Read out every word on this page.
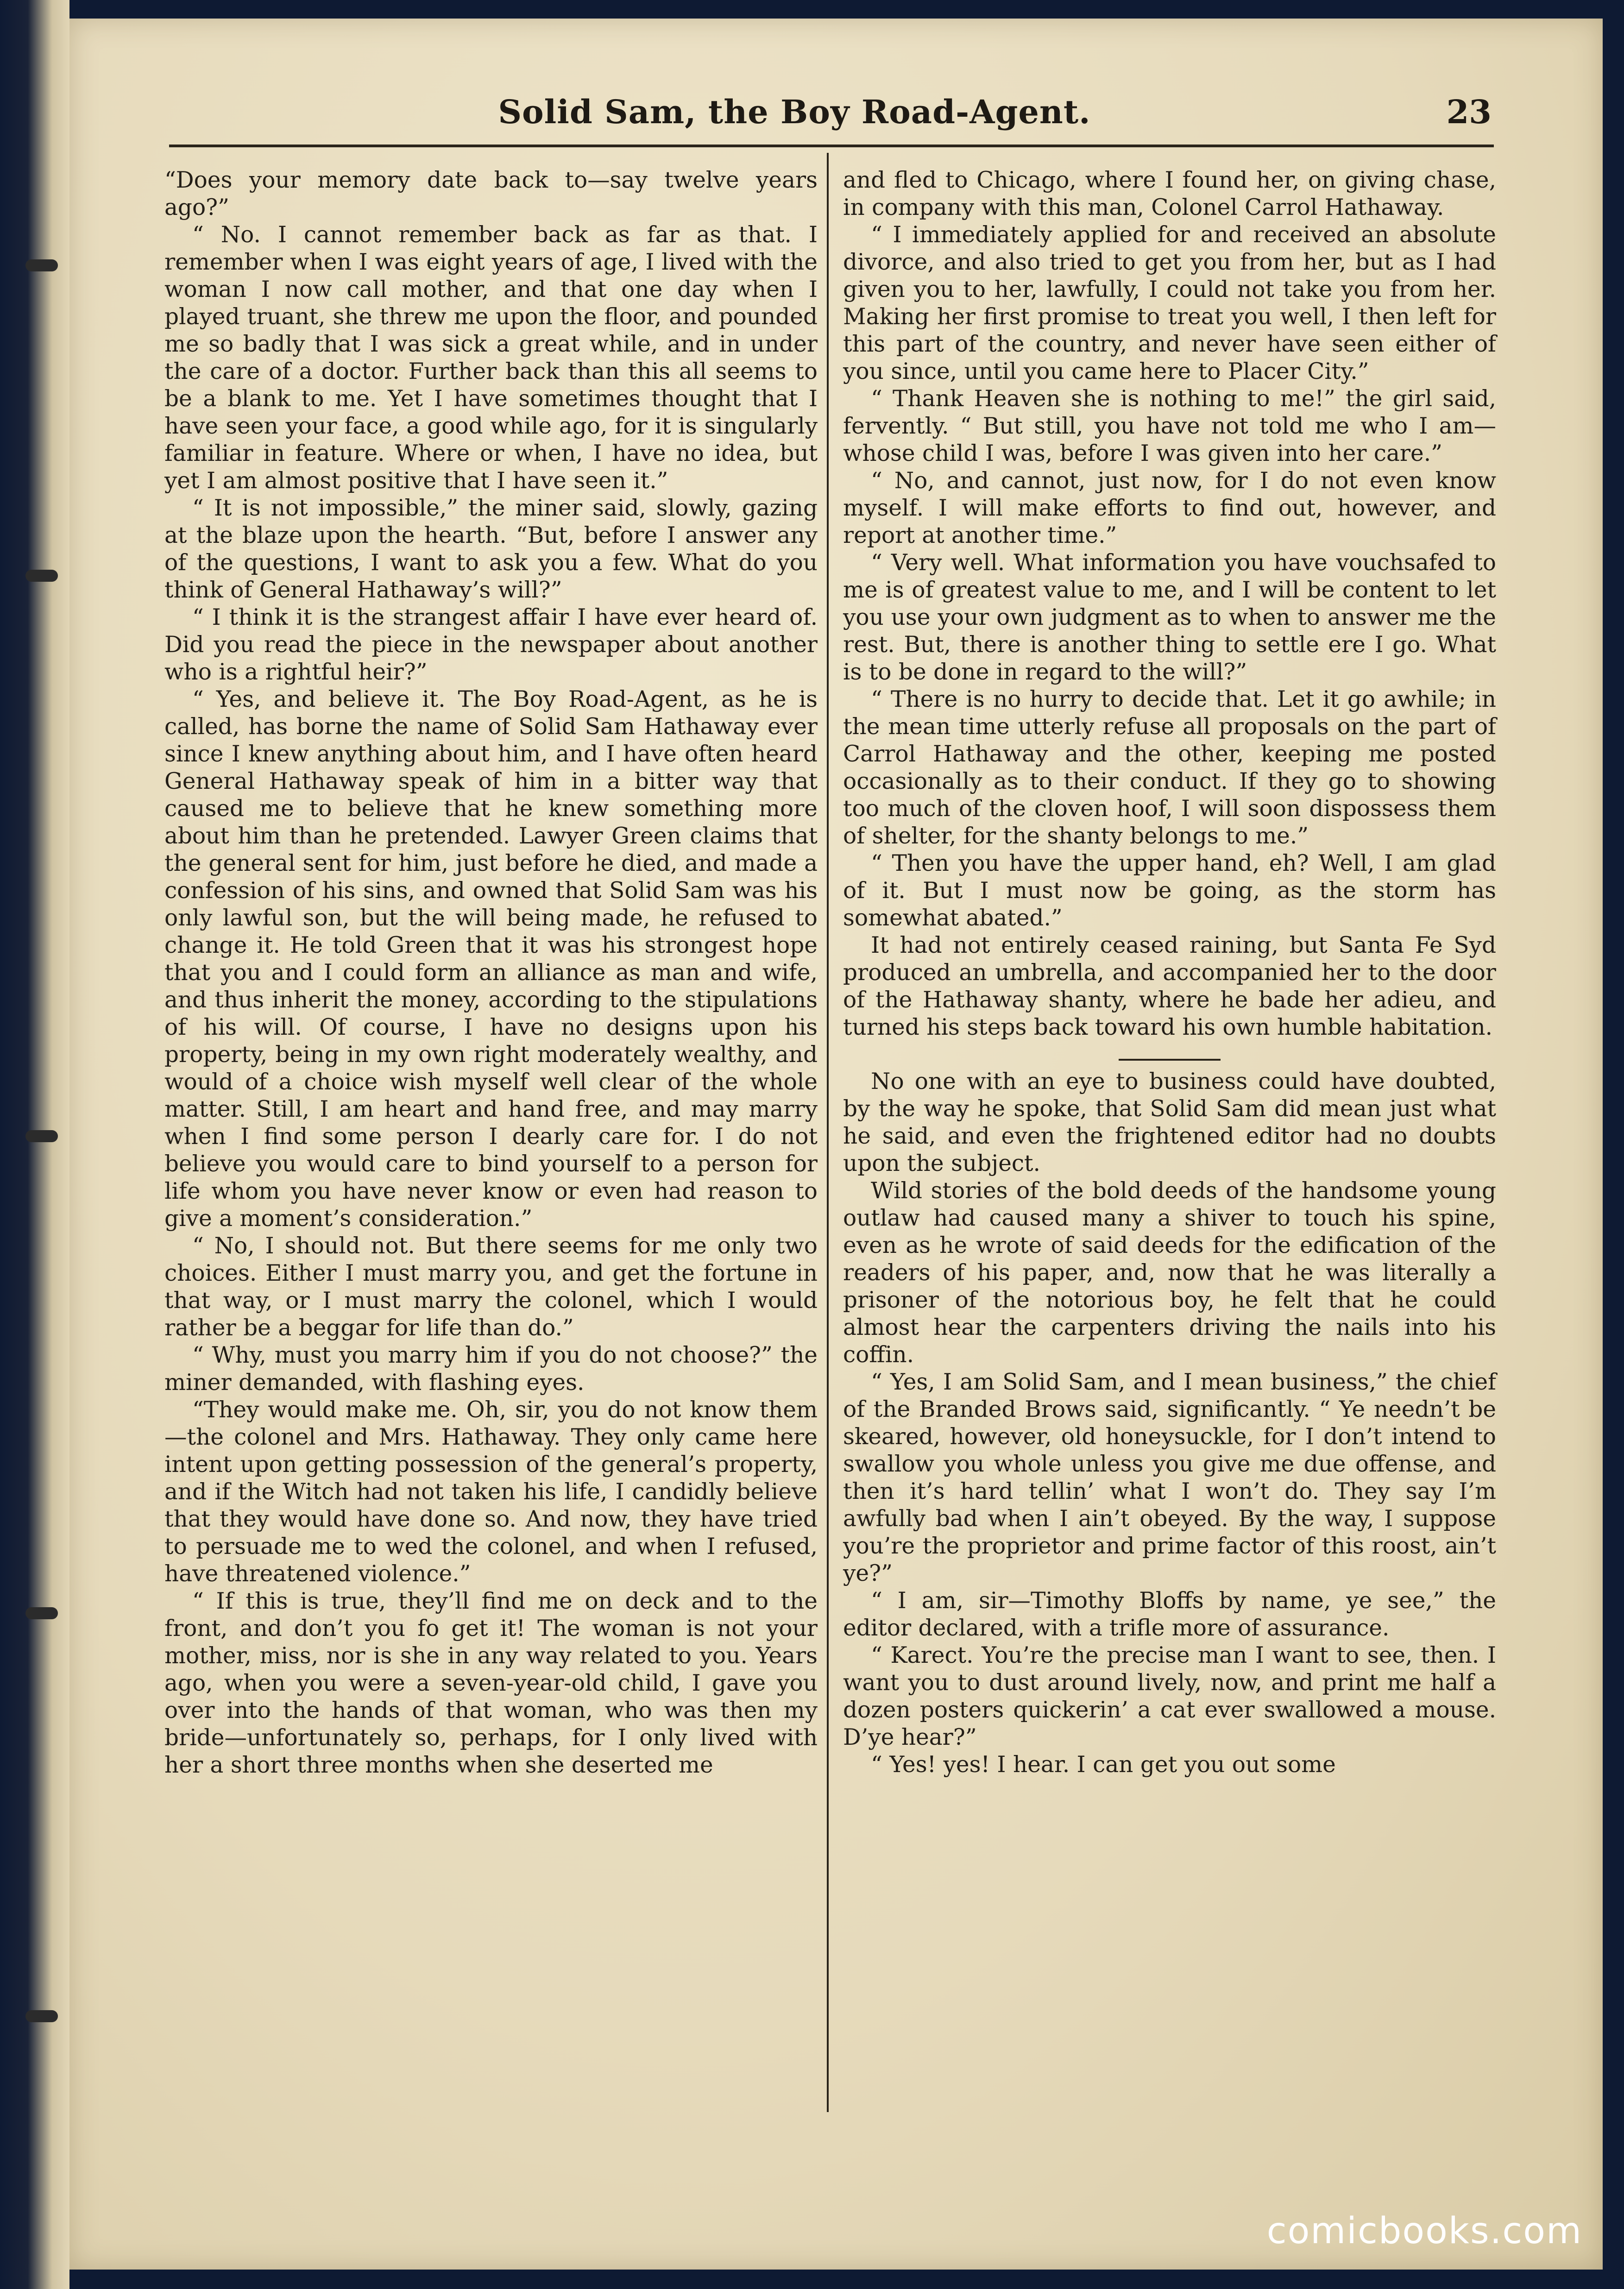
Solid Sam, the Boy Road-Agent.	23

“Does your memory date back to—say twelve years ago?”

“ No. I cannot remember back as far as that. I remember when I was eight years of age, I lived with the woman I now call mother, and that one day when I played truant, she threw me upon the floor, and pounded me so badly that I was sick a great while, and in under the care of a doctor. Further back than this all seems to be a blank to me. Yet I have sometimes thought that I have seen your face, a good while ago, for it is singularly familiar in feature. Where or when, I have no idea, but yet I am almost positive that I have seen it.”

“ It is not impossible,” the miner said, slowly, gazing at the blaze upon the hearth. “But, before I answer any of the questions, I want to ask you a few. What do you think of General Hathaway’s will?”

“ I think it is the strangest affair I have ever heard of. Did you read the piece in the newspaper about another who is a rightful heir?”

“ Yes, and believe it. The Boy Road-Agent, as he is called, has borne the name of Solid Sam Hathaway ever since I knew anything about him, and I have often heard General Hathaway speak of him in a bitter way that caused me to believe that he knew something more about him than he pretended. Lawyer Green claims that the general sent for him, just before he died, and made a confession of his sins, and owned that Solid Sam was his only lawful son, but the will being made, he refused to change it. He told Green that it was his strongest hope that you and I could form an alliance as man and wife, and thus inherit the money, according to the stipulations of his will. Of course, I have no designs upon his property, being in my own right moderately wealthy, and would of a choice wish myself well clear of the whole matter. Still, I am heart and hand free, and may marry when I find some person I dearly care for. I do not believe you would care to bind yourself to a person for life whom you have never know or even had reason to give a moment’s consideration.”

“ No, I should not. But there seems for me only two choices. Either I must marry you, and get the fortune in that way, or I must marry the colonel, which I would rather be a beggar for life than do.”

“ Why, must you marry him if you do not choose?” the miner demanded, with flashing eyes.

“They would make me. Oh, sir, you do not know them—the colonel and Mrs. Hathaway. They only came here intent upon getting possession of the general’s property, and if the Witch had not taken his life, I candidly believe that they would have done so. And now, they have tried to persuade me to wed the colonel, and when I refused, have threatened violence.”

“ If this is true, they’ll find me on deck and to the front, and don’t you fo get it! The woman is not your mother, miss, nor is she in any way related to you. Years ago, when you were a seven-year-old child, I gave you over into the hands of that woman, who was then my bride—unfortunately so, perhaps, for I only lived with her a short three months when she deserted me

and fled to Chicago, where I found her, on giving chase, in company with this man, Colonel Carrol Hathaway.

“ I immediately applied for and received an absolute divorce, and also tried to get you from her, but as I had given you to her, lawfully, I could not take you from her. Making her first promise to treat you well, I then left for this part of the country, and never have seen either of you since, until you came here to Placer City.”

“ Thank Heaven she is nothing to me!” the girl said, fervently. “ But still, you have not told me who I am—whose child I was, before I was given into her care.”

“ No, and cannot, just now, for I do not even know myself. I will make efforts to find out, however, and report at another time.”

“ Very well. What information you have vouchsafed to me is of greatest value to me, and I will be content to let you use your own judgment as to when to answer me the rest. But, there is another thing to settle ere I go. What is to be done in regard to the will?”

“ There is no hurry to decide that. Let it go awhile; in the mean time utterly refuse all proposals on the part of Carrol Hathaway and the other, keeping me posted occasionally as to their conduct. If they go to showing too much of the cloven hoof, I will soon dispossess them of shelter, for the shanty belongs to me.”

“ Then you have the upper hand, eh? Well, I am glad of it. But I must now be going, as the storm has somewhat abated.”

It had not entirely ceased raining, but Santa Fe Syd produced an umbrella, and accompanied her to the door of the Hathaway shanty, where he bade her adieu, and turned his steps back toward his own humble habitation.

No one with an eye to business could have doubted, by the way he spoke, that Solid Sam did mean just what he said, and even the frightened editor had no doubts upon the subject.

Wild stories of the bold deeds of the handsome young outlaw had caused many a shiver to touch his spine, even as he wrote of said deeds for the edification of the readers of his paper, and, now that he was literally a prisoner of the notorious boy, he felt that he could almost hear the carpenters driving the nails into his coffin.

“ Yes, I am Solid Sam, and I mean business,” the chief of the Branded Brows said, significantly. “ Ye needn’t be skeared, however, old honeysuckle, for I don’t intend to swallow you whole unless you give me due offense, and then it’s hard tellin’ what I won’t do. They say I’m awfully bad when I ain’t obeyed. By the way, I suppose you’re the proprietor and prime factor of this roost, ain’t ye?”

“ I am, sir—Timothy Bloffs by name, ye see,” the editor declared, with a trifle more of assurance.

“ Karect. You’re the precise man I want to see, then. I want you to dust around lively, now, and print me half a dozen posters quickerin’ a cat ever swallowed a mouse. D’ye hear?”

“ Yes! yes! I hear. I can get you out some

comicbooks.com
